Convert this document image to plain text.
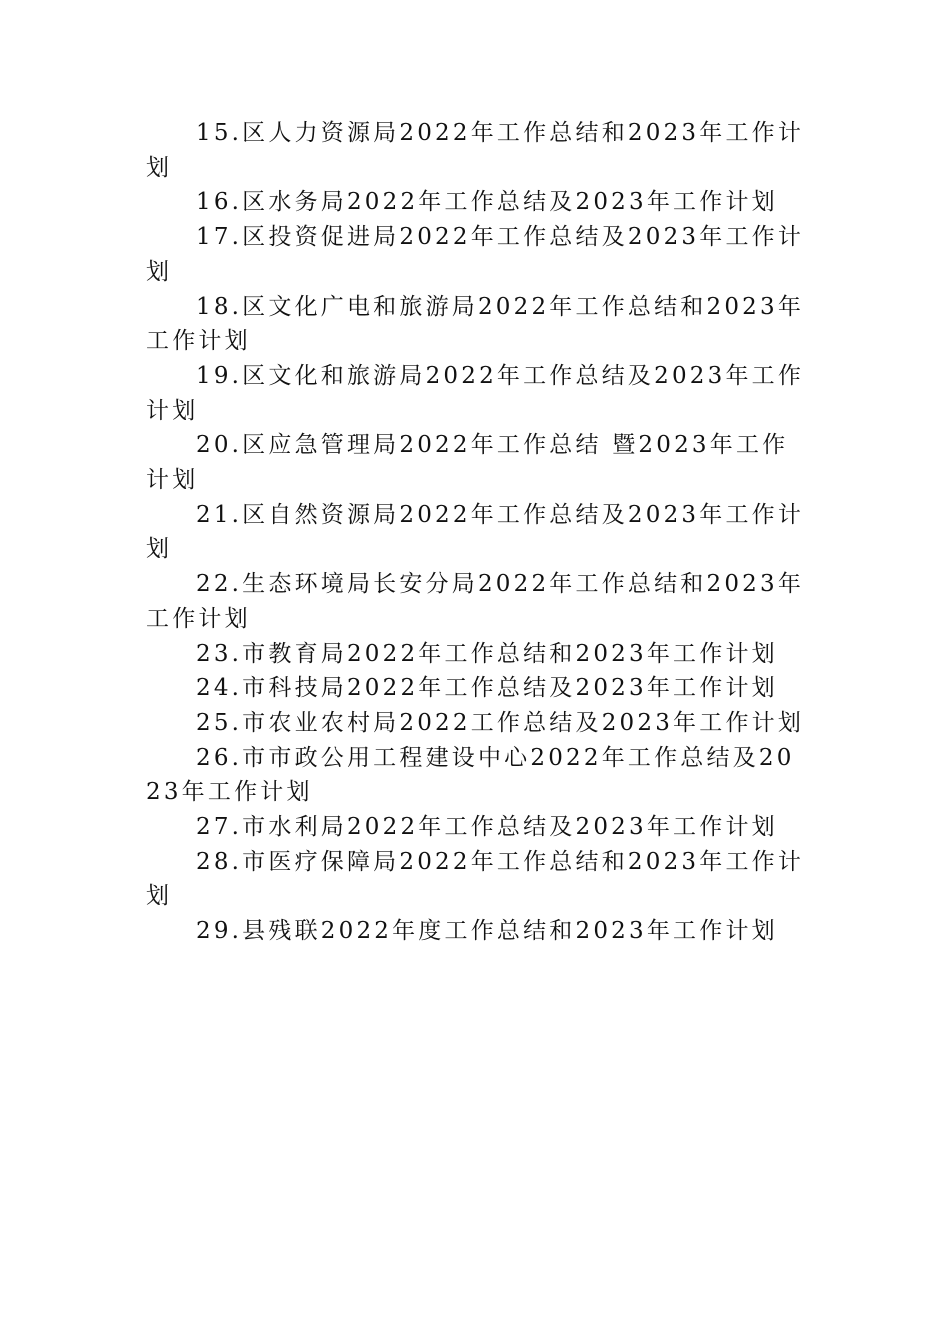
15.区人力资源局2022年工作总结和2023年工作计划

16.区水务局2022年工作总结及2023年工作计划

17.区投资促进局2022年工作总结及2023年工作计划

18.区文化广电和旅游局2022年工作总结和2023年工作计划

19.区文化和旅游局2022年工作总结及2023年工作计划

20.区应急管理局2022年工作总结 暨2023年工作计划

21.区自然资源局2022年工作总结及2023年工作计划

22.生态环境局长安分局2022年工作总结和2023年工作计划

23.市教育局2022年工作总结和2023年工作计划

24.市科技局2022年工作总结及2023年工作计划

25.市农业农村局2022工作总结及2023年工作计划

26.市市政公用工程建设中心2022年工作总结及2023年工作计划

27.市水利局2022年工作总结及2023年工作计划

28.市医疗保障局2022年工作总结和2023年工作计划

29.县残联2022年度工作总结和2023年工作计划
